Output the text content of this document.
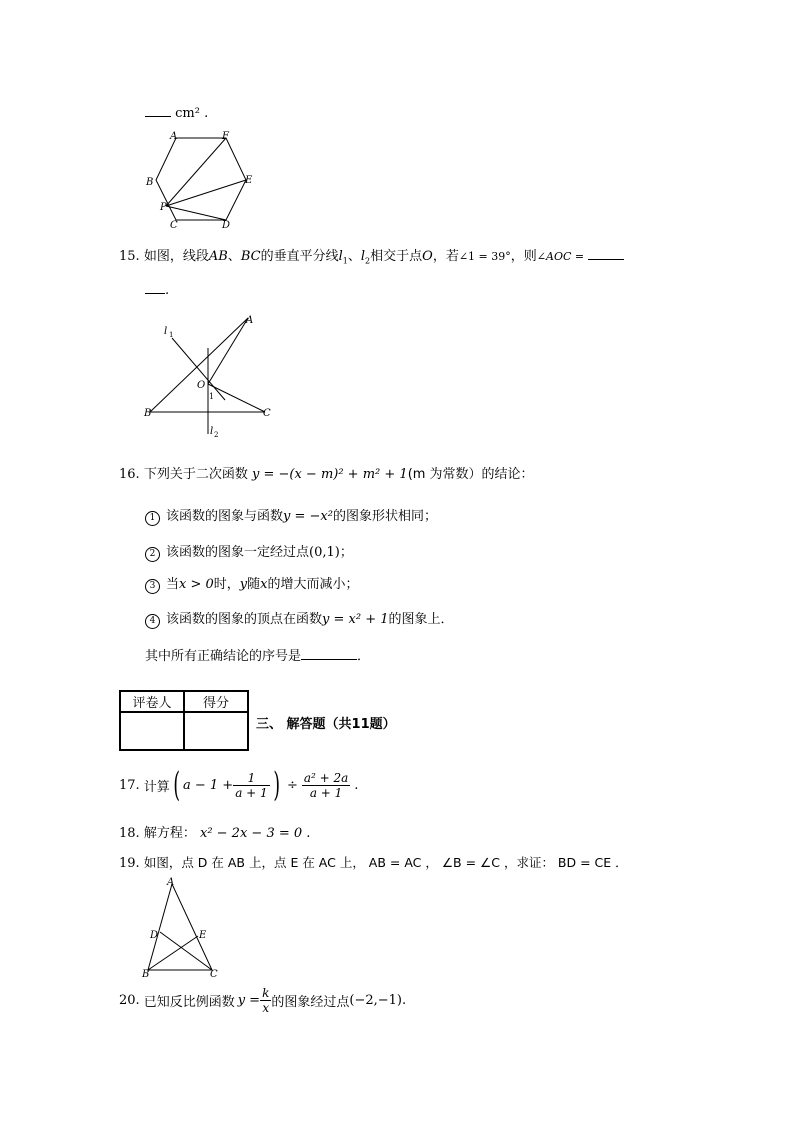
cm² .
A	F
B	E
P
C	D
15. 如图，线段AB、BC的垂直平分线$l_1$、$l_2$相交于点O，若∠1 = 39°，则∠AOC =
.
A
l 1
O
1
B	C
l 2
16. 下列关于二次函数 y = −(x − m)² + m² + 1(m 为常数）的结论：
1 该函数的图象与函数y = −x²的图象形状相同；
2 该函数的图象一定经过点(0,1)；
3 当x > 0时，y随x的增大而减小；
4 该函数的图象的顶点在函数y = x² + 1的图象上．
其中所有正确结论的序号是	．
评卷人	得分

三、 解答题（共11题）
17. 计算 ( $a - 1 + \frac{1}{a + 1}$ ) ÷ $\frac{\text{a² + 2a}}{a + 1}$ .
18. 解方程： x² − 2x − 3 = 0 .
19. 如图，点 D 在 AB 上，点 E 在 AC 上， AB = AC ， ∠B = ∠C ，求证： BD = CE ．
A
D	E
B	C
20. 已知反比例函数 $y = \frac{k}{x}$ 的图象经过点 (−2,−1) .
